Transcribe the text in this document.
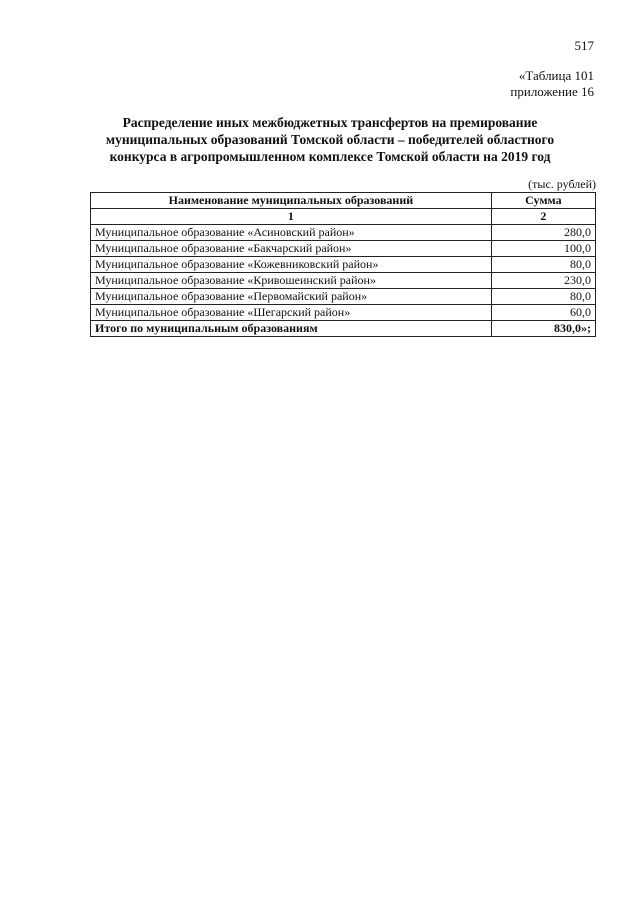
517
«Таблица 101
приложение 16
Распределение иных межбюджетных трансфертов на премирование
муниципальных образований Томской области – победителей областного
конкурса в агропромышленном комплексе Томской области на 2019 год
(тыс. рублей)
Наименование муниципальных образований	Сумма
1	2
Муниципальное образование «Асиновский район»	280,0
Муниципальное образование «Бакчарский район»	100,0
Муниципальное образование «Кожевниковский район»	80,0
Муниципальное образование «Кривошеинский район»	230,0
Муниципальное образование «Первомайский район»	80,0
Муниципальное образование «Шегарский район»	60,0
Итого по муниципальным образованиям	830,0»;
